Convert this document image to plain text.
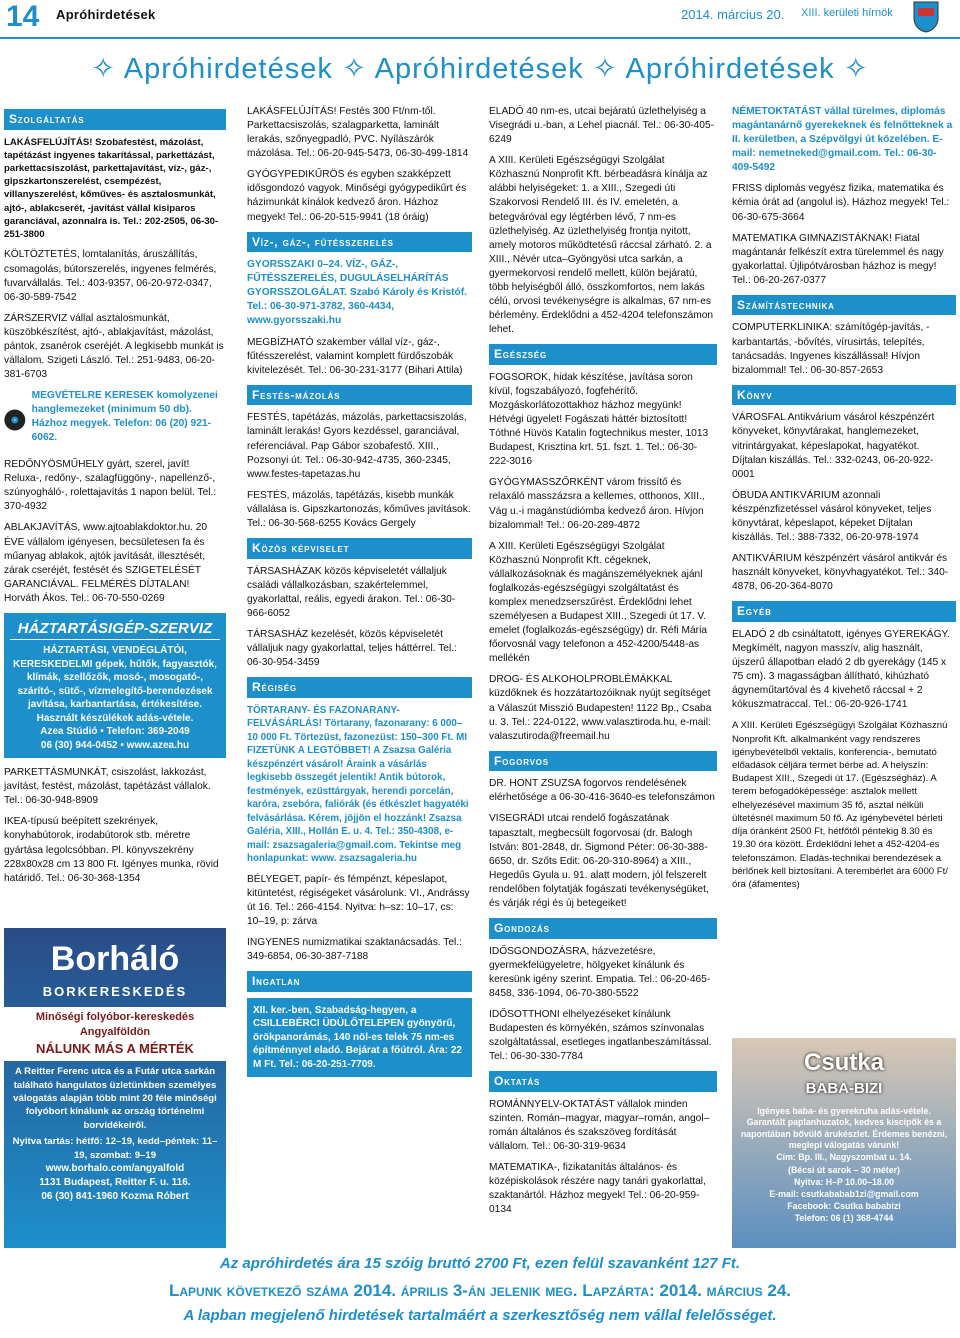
14 Apróhirdetések	2014. március 20. XIII. kerületi hírnök
✧ Apróhirdetések ✧ Apróhirdetések ✧ Apróhirdetések ✧
Szolgáltatás

LAKÁSFELÚJÍTÁS! Szobafestést, mázolást, tapétázást ingyenes takarítással, parkettázást, parkettacsiszolást, parkettajavítást, víz-, gáz-, gipszkartonszerelést, csempézést, villanyszerelést, kőműves- és asztalosmunkát, ajtó-, ablakcserét, -javítást vállal kisiparos garanciával, azonnalra is. Tel.: 202-2505, 06-30-251-3800

KÖLTÖZTETÉS, lomtalanítás, áruszállítás, csomagolás, bútorszerelés, ingyenes felmérés, fuvarvállalás. Tel.: 403-9357, 06-20-972-0347, 06-30-589-7542

ZÁRSZERVIZ vállal asztalosmunkát, küszöbkészítést, ajtó-, ablakjavítást, mázolást, pántok, zsanérok cseréjét. A legkisebb munkát is vállalom. Szigeti László. Tel.: 251-9483, 06-20-381-6703

MEGVÉTELRE KERESEK komolyzenei hanglemezeket (minimum 50 db). Házhoz megyek. Telefon: 06 (20) 921-6062.

REDŐNYÖSMŰHELY gyárt, szerel, javít! Reluxa-, redőny-, szalagfüggöny-, napellenző-, szúnyogháló-, rolettajavítás 1 napon belül. Tel.: 370-4932

ABLAKJAVÍTÁS, www.ajtoablakdoktor.hu. 20 ÉVE vállalom igényesen, becsületesen fa és műanyag ablakok, ajtók javítását, illesztését, zárak cseréjét, festését és SZIGETELÉSÉT GARANCIÁVAL. FELMÉRÉS DÍJTALAN! Horváth Ákos. Tel.: 06-70-550-0269

HÁZTARTÁSIGÉP-SZERVIZ
HÁZTARTÁSI, VENDÉGLÁTÓI, KERESKEDELMI gépek, hűtők, fagyasztók, klímák, szellőzők, mosó-, mosogató-, szárító-, sütő-, vízmelegítő-berendezések javítása, karbantartása, értékesítése. Használt készülékek adás-vétele.
Azea Stúdió • Telefon: 369-2049
06 (30) 944-0452 • www.azea.hu

PARKETTÁSMUNKÁT, csiszolást, lakkozást, javítást, festést, mázolást, tapétázást vállalok. Tel.: 06-30-948-8909

IKEA-típusú beépített szekrények, konyhabútorok, irodabútorok stb. méretre gyártása legolcsóbban. Pl. könyvszekrény 228x80x28 cm 13 800 Ft. Igényes munka, rövid határidő. Tel.: 06-30-368-1354

Borháló
BORKERESKEDÉS
Minőségi folyóbor-kereskedés
Angyalföldön
NÁLUNK MÁS A MÉRTÉK
A Reitter Ferenc utca és a Futár utca sarkán található hangulatos üzletünkben személyes válogatás alapján több mint 20 féle minőségi folyóbort kínálunk az ország történelmi borvidékeiről.
Nyitva tartás: hétfő: 12–19, kedd–péntek: 11–19, szombat: 9–19
www.borhalo.com/angyalfold
1131 Budapest, Reitter F. u. 116.
06 (30) 841-1960 Kozma Róbert

LAKÁSFELÚJÍTÁS! Festés 300 Ft/nm-től. Parkettacsiszolás, szalagparketta, laminált lerakás, szőnyegpadló, PVC. Nyílászárók mázolása. Tel.: 06-20-945-5473, 06-30-499-1814

GYÓGYPEDIKŰRÖS és egyben szakképzett idősgondozó vagyok. Minőségi gyógypedikűrt és házimunkát kínálok kedvező áron. Házhoz megyek! Tel.: 06-20-515-9941 (18 óráig)

Víz-, gáz-, fűtésszerelés

GYORSSZAKI 0–24. VÍZ-, GÁZ-, FŰTÉSSZERELÉS, DUGULÁSELHÁRÍTÁS GYORSSZOLGÁLAT. Szabó Károly és Kristóf. Tel.: 06-30-971-3782, 360-4434, www.gyorsszaki.hu

MEGBÍZHATÓ szakember vállal víz-, gáz-, fűtésszerelést, valamint komplett fürdőszobák kivitelezését. Tel.: 06-30-231-3177 (Bihari Attila)

Festés-mázolás

FESTÉS, tapétázás, mázolás, parkettacsiszolás, laminált lerakás! Gyors kezdéssel, garanciával, referenciával. Pap Gábor szobafestő. XIII., Pozsonyi út. Tel.: 06-30-942-4735, 360-2345, www.festes-tapetazas.hu

FESTÉS, mázolás, tapétázás, kisebb munkák vállalása is. Gipszkartonozás, kőműves javítások. Tel.: 06-30-568-6255 Kovács Gergely

Közös képviselet

TÁRSASHÁZAK közös képviseletét vállaljuk családi vállalkozásban, szakértelemmel, gyakorlattal, reális, egyedi árakon. Tel.: 06-30-966-6052

TÁRSASHÁZ kezelését, közös képviseletét vállaljuk nagy gyakorlattal, teljes háttérrel. Tel.: 06-30-954-3459

Régiség

TÖRTARANY- ÉS FAZONARANY-FELVÁSÁRLÁS! Törtarany, fazonarany: 6 000–10 000 Ft. Törtezüst, fazonezüst: 150–300 Ft. MI FIZETÜNK A LEGTÖBBET! A Zsazsa Galéria készpénzért vásárol! Áraink a vásárlás legkisebb összegét jelentik! Antik bútorok, festmények, ezüsttárgyak, herendi porcelán, karóra, zsebóra, faliórák (és étkészlet hagyatéki felvásárlása. Kérem, jöjjön el hozzánk! Zsazsa Galéria, XIII., Hollán E. u. 4. Tel.: 350-4308, e-mail: zsazsagaleria@gmail.com. Tekintse meg honlapunkat: www. zsazsagaleria.hu

BÉLYEGET, papír- és fémpénzt, képeslapot, kitüntetést, régiségeket vásárolunk. VI., Andrássy út 16. Tel.: 266-4154. Nyitva: h–sz: 10–17, cs: 10–19, p: zárva

INGYENES numizmatikai szaktanácsadás. Tel.: 349-6854, 06-30-387-7188

Ingatlan
XII. ker.-ben, Szabadság-hegyen, a CSILLEBÉRCI ÜDÜLŐTELEPEN gyönyörű, örökpanorámás, 140 nöl-es telek 75 nm-es építménnyel eladó. Bejárat a főútról. Ára: 22 M Ft. Tel.: 06-20-251-7709.

ELADÓ 40 nm-es, utcai bejáratú üzlethelyiség a Visegrádi u.-ban, a Lehel piacnál. Tel.: 06-30-405-6249

A XIII. Kerületi Egészségügyi Szolgálat Közhasznú Nonprofit Kft. bérbeadásra kínálja az alábbi helyiségeket: 1. a XIII., Szegedi úti Szakorvosi Rendelő III. és IV. emeletén, a betegváróval egy légtérben lévő, 7 nm-es üzlethelyiség. Az üzlethelyiség frontja nyitott, amely motoros működtetésű ráccsal zárható. 2. a XIII., Névér utca–Gyöngyösi utca sarkán, a gyermekorvosi rendelő mellett, külön bejáratú, több helyiségből álló, összkomfortos, nem lakás célú, orvosi tevékenységre is alkalmas, 67 nm-es bérlemény. Érdeklődni a 452-4204 telefonszámon lehet.

Egészség

FOGSOROK, hidak készítése, javítása soron kívül, fogszabályozó, fogfehérítő. Mozgáskorlátozottakhoz házhoz megyünk! Hétvégi ügyelet! Fogászati háttér biztosított! Tóthné Hüvös Katalin fogtechnikus mester, 1013 Budapest, Krisztina krt. 51. fszt. 1. Tel.: 06-30-222-3016

GYÓGYMASSZŐRKÉNT várom frissítő és relaxáló masszázsra a kellemes, otthonos, XIII., Vág u.-i magánstúdiómba kedvező áron. Hívjon bizalommal! Tel.: 06-20-289-4872

A XIII. Kerületi Egészségügyi Szolgálat Közhasznú Nonprofit Kft. cégeknek, vállalkozásoknak és magánszemélyeknek ajánl foglalkozás-egészségügyi szolgáltatást és komplex menedzserszűrést. Érdeklődni lehet személyesen a Budapest XIII., Szegedi út 17. V. emelet (foglalkozás-egészségügy) dr. Réfi Mária főorvosnál vagy telefonon a 452-4200/5448-as mellékén

DROG- ÉS ALKOHOLPROBLÉMÁKKAL küzdőknek és hozzátartozóiknak nyújt segítséget a Válaszút Misszió Budapesten! 1122 Bp., Csaba u. 3. Tel.: 224-0122, www.valasztiroda.hu, e-mail: valaszutiroda@freemail.hu

Fogorvos

DR. HONT ZSUZSA fogorvos rendelésének elérhetősége a 06-30-416-3640-es telefonszámon

VISEGRÁDI utcai rendelő fogászatának tapasztalt, megbecsült fogorvosai (dr. Balogh István: 801-2848, dr. Sigmond Péter: 06-30-388-6650, dr. Szőts Edit: 06-20-310-8964) a XIII., Hegedűs Gyula u. 91. alatt modern, jól felszerelt rendelőben folytatják fogászati tevékenységüket, és várják régi és új betegeiket!

Gondozás

IDŐSGONDOZÁSRA, házvezetésre, gyermekfelügyeletre, hölgyeket kínálunk és keresünk igény szerint. Empatia. Tel.: 06-20-465-8458, 336-1094, 06-70-380-5522

IDŐSOTTHONI elhelyezéseket kínálunk Budapesten és környékén, számos színvonalas szolgáltatással, esetleges ingatlanbeszámítással. Tel.: 06-30-330-7784

Oktatás

ROMÁNNYELV-OKTATÁST vállalok minden szinten. Román–magyar, magyar–román, angol–román általános és szakszöveg fordítását vállalom. Tel.: 06-30-319-9634

MATEMATIKA-, fizikatanítás általános- és középiskolások részére nagy tanári gyakorlattal, szaktanártól. Házhoz megyek! Tel.: 06-20-959-0134

NÉMETOKTATÁST vállal türelmes, diplomás magántanárnő gyerekeknek és felnőtteknek a II. kerületben, a Szépvölgyi út közelében. E-mail: nemetneked@gmail.com. Tel.: 06-30-409-5492

FRISS diplomás vegyész fizika, matematika és kémia órát ad (angolul is). Házhoz megyek! Tel.: 06-30-675-3664

MATEMATIKA GIMNAZISTÁKNAK! Fiatal magántanár felkészít extra türelemmel és nagy gyakorlattal. Újlipótvárosban házhoz is megy! Tel.: 06-20-267-0377

Számítástechnika

COMPUTERKLINIKA: számítógép-javítás, -karbantartás, -bővítés, vírusirtás, telepítés, tanácsadás. Ingyenes kiszállással! Hívjon bizalommal! Tel.: 06-30-857-2653

Könyv

VÁROSFAL Antikvárium vásárol készpénzért könyveket, könyvtárakat, hanglemezeket, vitrintárgyakat, képeslapokat, hagyatékot. Díjtalan kiszállás. Tel.: 332-0243, 06-20-922-0001

ÓBUDA ANTIKVÁRIUM azonnali készpénzfizetéssel vásárol könyveket, teljes könyvtárat, képeslapot, képeket Díjtalan kiszállás. Tel.: 388-7332, 06-20-978-1974

ANTIKVÁRIUM készpénzért vásárol antikvár és használt könyveket, könyvhagyatékot. Tel.: 340-4878, 06-20-364-8070

Egyéb

ELADÓ 2 db csináltatott, igényes GYEREKÁGY. Megkímélt, nagyon masszív, alig használt, újszerű állapotban eladó 2 db gyerekágy (145 x 75 cm). 3 magasságban állítható, kihúzható ágyneműtartóval és 4 kivehető ráccsal + 2 kókuszmatraccal. Tel.: 06-20-926-1741

A XIII. Kerületi Egészségügyi Szolgálat Közhasznú Nonprofit Kft. alkalmanként vagy rendszeres igénybevételből vektalis, konferencia-, bemutató előadások céljára termet bérbe ad. A helyszín: Budapest XIII., Szegedi út 17. (Egészségház). A terem befogadóképessége: asztalok mellett elhelyezésével maximum 35 fő, asztal nélküli ültetésnél maximum 50 fő. Az igénybevétel bérleti díja óránként 2500 Ft, hétfőtől péntekig 8.30 és 19.30 óra között. Érdeklődni lehet a 452-4204-es telefonszámon. Eladás-technikai berendezések a bérlőnek kell biztosítani. A terembérlet ára 6000 Ft/óra (áfamentes)

Csutka
BABA-BIZI
Igényes baba- és gyerekruha adás-vétele. Garantált paplanhuzatok, kedves kiscipők és a napontában bővülő árukészlet. Érdemes benézni, meglepi válogatás várunk!
Cím: Bp. III., Nagyszombat u. 14.
(Bécsi út sarok – 30 méter)
Nyitva: H–P 10.00–18.00
E-mail: csutkababab1zi@gmail.com
Facebook: Csutka bababizi
Telefon: 06 (1) 368-4744
Az apróhirdetés ára 15 szóig bruttó 2700 Ft, ezen felül szavanként 127 Ft.
Lapunk következő száma 2014. április 3-án jelenik meg. Lapzárta: 2014. március 24.
A lapban megjelenő hirdetések tartalmáért a szerkesztőség nem vállal felelősséget.
